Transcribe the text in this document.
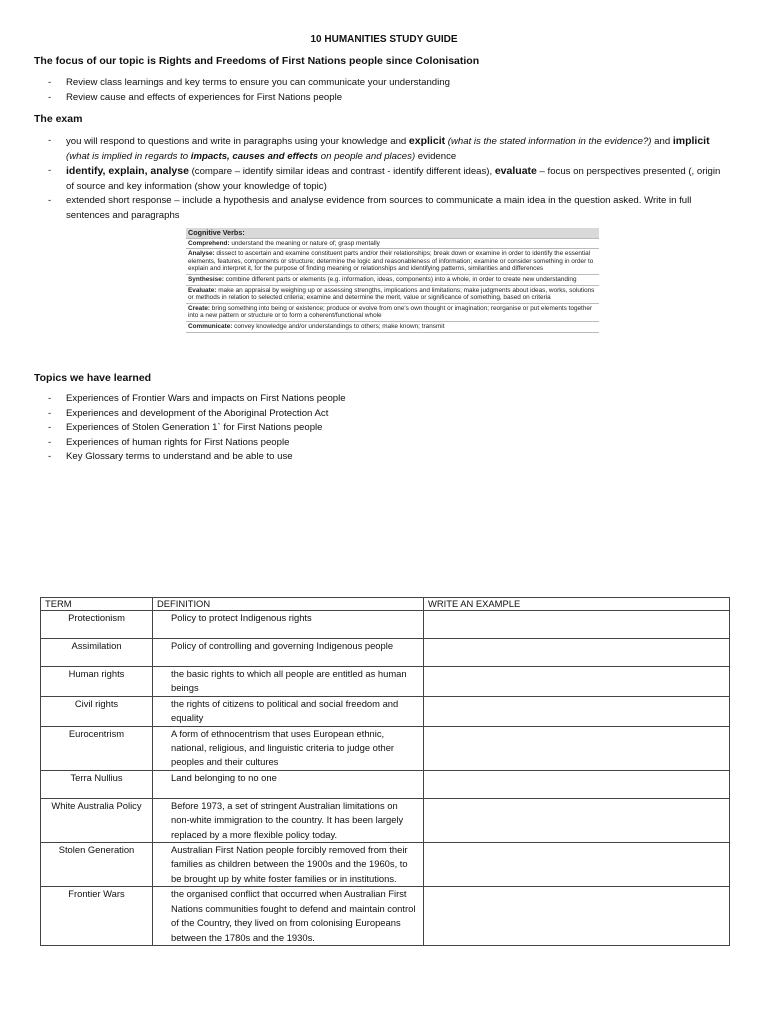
10 HUMANITIES STUDY GUIDE
The focus of our topic is Rights and Freedoms of First Nations people since Colonisation
- Review class learnings and key terms to ensure you can communicate your understanding
- Review cause and effects of experiences for First Nations people
The exam
- you will respond to questions and write in paragraphs using your knowledge and explicit (what is the stated information in the evidence?) and implicit (what is implied in regards to impacts, causes and effects on people and places) evidence
- identify, explain, analyse (compare – identify similar ideas and contrast - identify different ideas), evaluate – focus on perspectives presented (, origin of source and key information (show your knowledge of topic)
- extended short response – include a hypothesis and analyse evidence from sources to communicate a main idea in the question asked. Write in full sentences and paragraphs
Cognitive Verbs:
Comprehend: understand the meaning or nature of; grasp mentally
Analyse: dissect to ascertain and examine constituent parts and/or their relationships; break down or examine in order to identify the essential elements, features, components or structure; determine the logic and reasonableness of information; examine or consider something in order to explain and interpret it, for the purpose of finding meaning or relationships and identifying patterns, similarities and differences
Synthesise: combine different parts or elements (e.g. information, ideas, components) into a whole, in order to create new understanding
Evaluate: make an appraisal by weighing up or assessing strengths, implications and limitations; make judgments about ideas, works, solutions or methods in relation to selected criteria; examine and determine the merit, value or significance of something, based on criteria
Create: bring something into being or existence; produce or evolve from one's own thought or imagination; reorganise or put elements together into a new pattern or structure or to form a coherent/functional whole
Communicate: convey knowledge and/or understandings to others; make known; transmit
Topics we have learned
- Experiences of Frontier Wars and impacts on First Nations people
- Experiences and development of the Aboriginal Protection Act
- Experiences of Stolen Generation 1` for First Nations people
- Experiences of human rights for First Nations people
- Key Glossary terms to understand and be able to use
TERM	DEFINITION	WRITE AN EXAMPLE
Protectionism	Policy to protect Indigenous rights	
Assimilation	Policy of controlling and governing Indigenous people	
Human rights	the basic rights to which all people are entitled as human beings	
Civil rights	the rights of citizens to political and social freedom and equality	
Eurocentrism	A form of ethnocentrism that uses European ethnic, national, religious, and linguistic criteria to judge other peoples and their cultures	
Terra Nullius	Land belonging to no one	
White Australia Policy	Before 1973, a set of stringent Australian limitations on non-white immigration to the country. It has been largely replaced by a more flexible policy today.	
Stolen Generation	Australian First Nation people forcibly removed from their families as children between the 1900s and the 1960s, to be brought up by white foster families or in institutions.	
Frontier Wars	the organised conflict that occurred when Australian First Nations communities fought to defend and maintain control of the Country, they lived on from colonising Europeans between the 1780s and the 1930s.	
